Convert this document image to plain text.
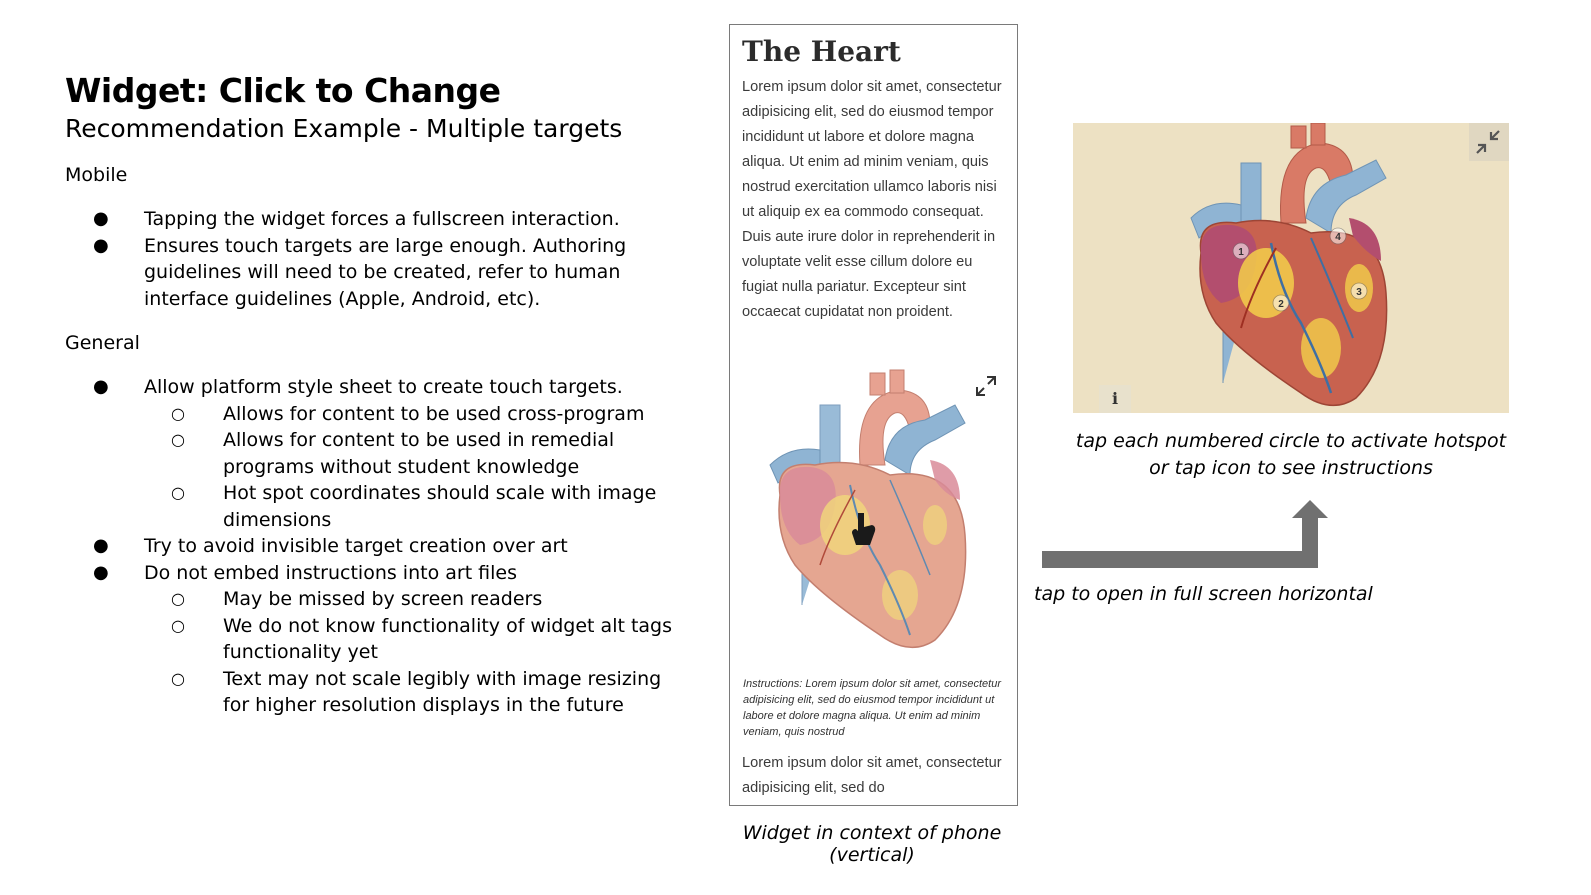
Widget: Click to Change
Recommendation Example - Multiple targets
Mobile
● Tapping the widget forces a fullscreen interaction.
● Ensures touch targets are large enough. Authoring guidelines will need to be created, refer to human interface guidelines (Apple, Android, etc).
General
● Allow platform style sheet to create touch targets.
○ Allows for content to be used cross-program
○ Allows for content to be used in remedial programs without student knowledge
○ Hot spot coordinates should scale with image dimensions
● Try to avoid invisible target creation over art
● Do not embed instructions into art files
○ May be missed by screen readers
○ We do not know functionality of widget alt tags functionality yet
○ Text may not scale legibly with image resizing for higher resolution displays in the future
The Heart

Lorem ipsum dolor sit amet, consectetur adipisicing elit, sed do eiusmod tempor incididunt ut labore et dolore magna aliqua. Ut enim ad minim veniam, quis nostrud exercitation ullamco laboris nisi ut aliquip ex ea commodo consequat. Duis aute irure dolor in reprehenderit in voluptate velit esse cillum dolore eu fugiat nulla pariatur. Excepteur sint occaecat cupidatat non proident.

Instructions: Lorem ipsum dolor sit amet, consectetur adipisicing elit, sed do eiusmod tempor incididunt ut labore et dolore magna aliqua. Ut enim ad minim veniam, quis nostrud

Lorem ipsum dolor sit amet, consectetur adipisicing elit, sed do

Widget in context of phone (vertical)
1
2
3
4
i
tap each numbered circle to activate hotspot
or tap icon to see instructions
tap to open in full screen horizontal
